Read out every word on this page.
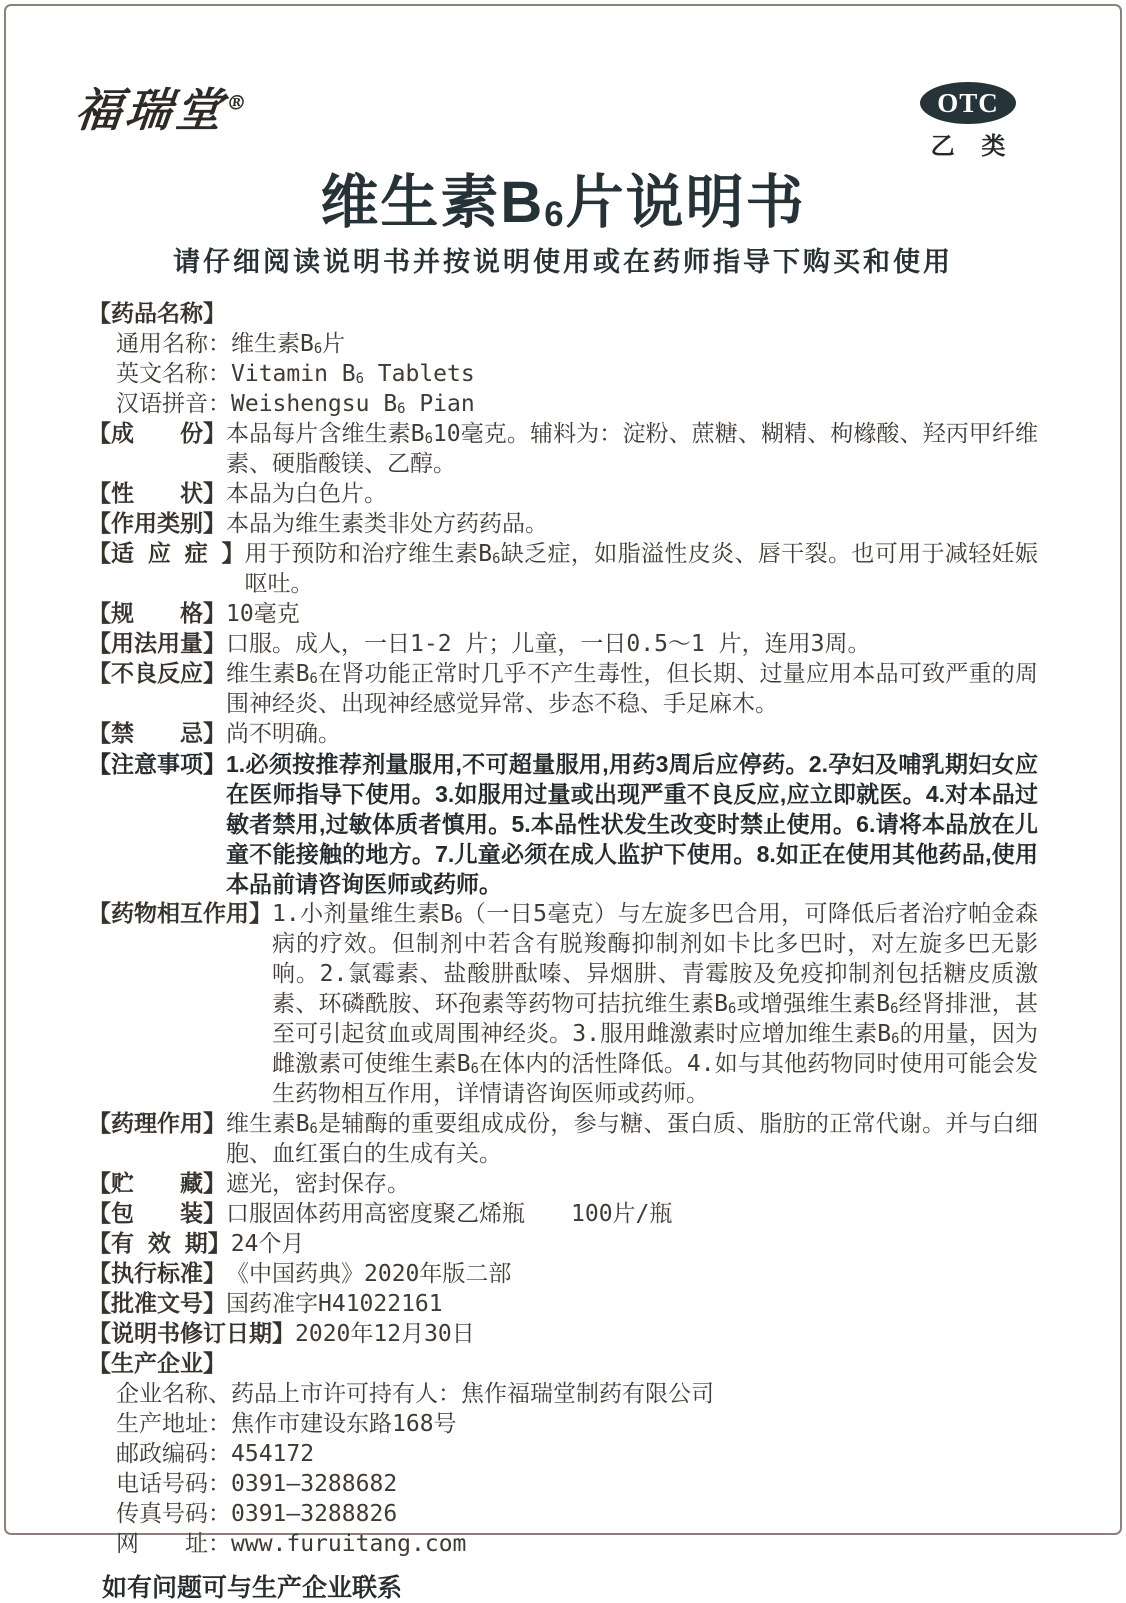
福瑞堂®	OTC
乙 类
维生素$B_6$片说明书
请仔细阅读说明书并按说明使用或在药师指导下购买和使用
【药品名称】
通用名称：维生素$B_6$片
英文名称：Vitamin $B_6$ Tablets
汉语拼音：Weishengsu $B_6$ Pian
【成　　份】 本品每片含维生素$B_610$毫克。辅料为：淀粉、蔗糖、糊精、枸橼酸、羟丙甲纤维素、硬脂酸镁、乙醇。
【性　　状】 本品为白色片。
【作用类别】 本品为维生素类非处方药药品。
【适 应 症 】 用于预防和治疗维生素$B_6$缺乏症，如脂溢性皮炎、唇干裂。也可用于减轻妊娠呕吐。
【规　　格】 10毫克
【用法用量】 口服。成人，一日1-2 片；儿童，一日0.5～1 片，连用3周。
【不良反应】 维生素$B_6$在肾功能正常时几乎不产生毒性，但长期、过量应用本品可致严重的周围神经炎、出现神经感觉异常、步态不稳、手足麻木。
【禁　　忌】 尚不明确。
【注意事项】 1.必须按推荐剂量服用,不可超量服用,用药3周后应停药。2.孕妇及哺乳期妇女应在医师指导下使用。3.如服用过量或出现严重不良反应,应立即就医。4.对本品过敏者禁用,过敏体质者慎用。5.本品性状发生改变时禁止使用。6.请将本品放在儿童不能接触的地方。7.儿童必须在成人监护下使用。8.如正在使用其他药品,使用本品前请咨询医师或药师。
【药物相互作用】 1.小剂量维生素$B_6$（一日5毫克）与左旋多巴合用，可降低后者治疗帕金森病的疗效。但制剂中若含有脱羧酶抑制剂如卡比多巴时，对左旋多巴无影响。2.氯霉素、盐酸肼酞嗪、异烟肼、青霉胺及免疫抑制剂包括糖皮质激素、环磷酰胺、环孢素等药物可拮抗维生素$B_6$或增强维生素$B_6$经肾排泄，甚至可引起贫血或周围神经炎。3.服用雌激素时应增加维生素$B_6$的用量，因为雌激素可使维生素$B_6$在体内的活性降低。4.如与其他药物同时使用可能会发生药物相互作用，详情请咨询医师或药师。
【药理作用】 维生素$B_6$是辅酶的重要组成成份，参与糖、蛋白质、脂肪的正常代谢。并与白细胞、血红蛋白的生成有关。
【贮　　藏】 遮光，密封保存。
【包　　装】 口服固体药用高密度聚乙烯瓶　　100片/瓶
【有 效 期】 24个月
【执行标准】 《中国药典》2020年版二部
【批准文号】 国药准字H41022161
【说明书修订日期】 2020年12月30日
【生产企业】
企业名称、药品上市许可持有人：焦作福瑞堂制药有限公司
生产地址：焦作市建设东路168号
邮政编码：454172
电话号码：0391—3288682
传真号码：0391—3288826
网　　址：www.furuitang.com
如有问题可与生产企业联系
